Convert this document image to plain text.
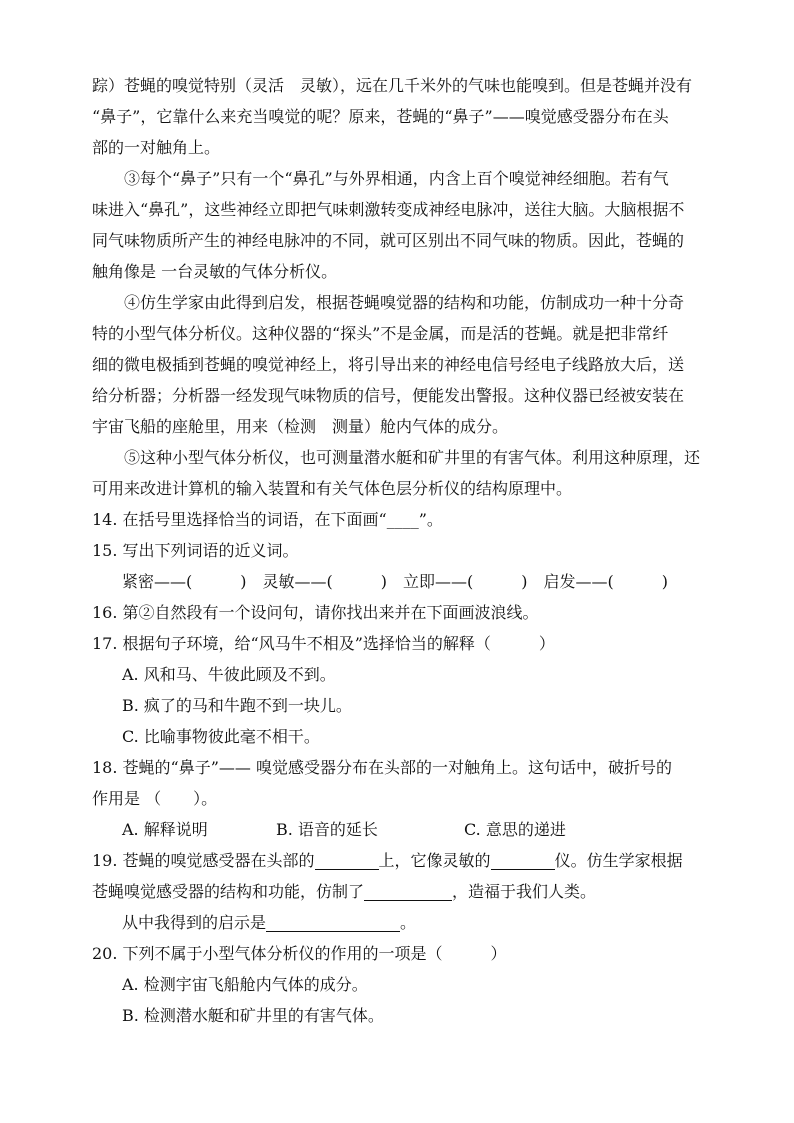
踪）苍蝇的嗅觉特别（灵活　灵敏），远在几千米外的气味也能嗅到。但是苍蝇并没有
“鼻子”，它靠什么来充当嗅觉的呢？原来，苍蝇的“鼻子”——嗅觉感受器分布在头
部的一对触角上。
③每个“鼻子”只有一个“鼻孔”与外界相通，内含上百个嗅觉神经细胞。若有气
味进入“鼻孔”，这些神经立即把气味刺激转变成神经电脉冲，送往大脑。大脑根据不
同气味物质所产生的神经电脉冲的不同，就可区别出不同气味的物质。因此，苍蝇的
触角像是 一台灵敏的气体分析仪。
④仿生学家由此得到启发，根据苍蝇嗅觉器的结构和功能，仿制成功一种十分奇
特的小型气体分析仪。这种仪器的“探头”不是金属，而是活的苍蝇。就是把非常纤
细的微电极插到苍蝇的嗅觉神经上，将引导出来的神经电信号经电子线路放大后，送
给分析器；分析器一经发现气味物质的信号，便能发出警报。这种仪器已经被安装在
宇宙飞船的座舱里，用来（检测　测量）舱内气体的成分。
⑤这种小型气体分析仪，也可测量潜水艇和矿井里的有害气体。利用这种原理，还
可用来改进计算机的输入装置和有关气体色层分析仪的结构原理中。
14. 在括号里选择恰当的词语，在下面画“____”。
15. 写出下列词语的近义词。
紧密——(　　　)　灵敏——(　　　)　立即——(　　　)　启发——(　　　)
16. 第②自然段有一个设问句，请你找出来并在下面画波浪线。
17. 根据句子环境，给“风马牛不相及”选择恰当的解释（　　　）
A. 风和马、牛彼此顾及不到。
B. 疯了的马和牛跑不到一块儿。
C. 比喻事物彼此毫不相干。
18. 苍蝇的“鼻子”—— 嗅觉感受器分布在头部的一对触角上。这句话中，破折号的
作用是 （　　）。
A. 解释说明	B. 语音的延长	C. 意思的递进
19. 苍蝇的嗅觉感受器在头部的	上，它像灵敏的	仪。仿生学家根据
苍蝇嗅觉感受器的结构和功能，仿制了	，造福于我们人类。
从中我得到的启示是	。
20. 下列不属于小型气体分析仪的作用的一项是（　　　）
A. 检测宇宙飞船舱内气体的成分。
B. 检测潜水艇和矿井里的有害气体。
